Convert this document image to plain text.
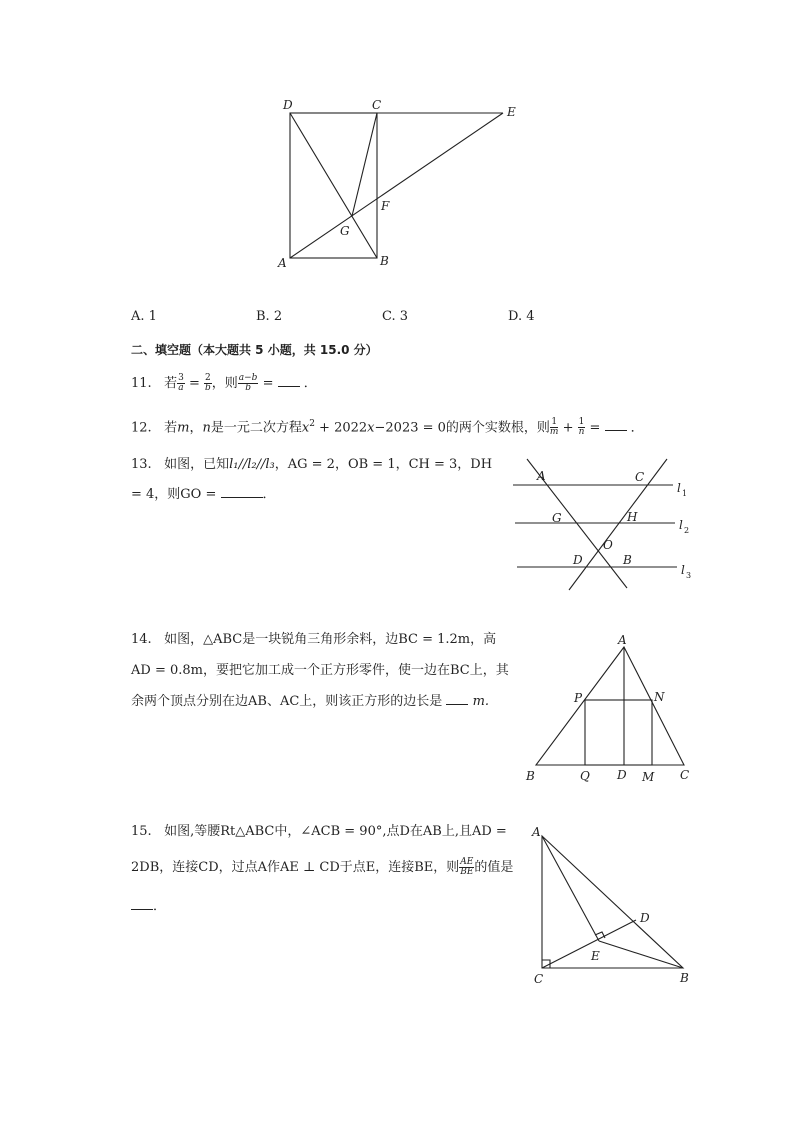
D	C	E
F
G
A	B
A. 1	B. 2	C. 3	D. 4
二、填空题（本大题共 5 小题，共 15.0 分）
11. 若 $\frac{3}{a} = \frac{2}{b}$ ，则 $\frac{a-b}{b}$ =  ．
12. 若m，n是一元二次方程$x^2 + 2022x-2023 = 0$的两个实数根，则 $\frac{1}{m} + \frac{1}{n}$ =  ．
13. 如图，已知l₁//l₂//l₃，AG = 2，OB = 1，CH = 3，DH
= 4，则GO =	．
A	C
l 1
G	H
l 2
O
D	B
l 3
14. 如图，△ABC是一块锐角三角形余料，边BC = 1.2m，高
AD = 0.8m，要把它加工成一个正方形零件，使一边在BC上，其
余两个顶点分别在边AB、AC上，则该正方形的边长是 m.
A
P	N
B	Q D M C
15. 如图,等腰Rt△ABC中，∠ACB = 90°,点D在AB上,且AD =
2DB，连接CD，过点A作AE ⊥ CD于点E，连接BE，则 $\frac{AE}{BE}$ 的值是
．
A
D
E
C	B
